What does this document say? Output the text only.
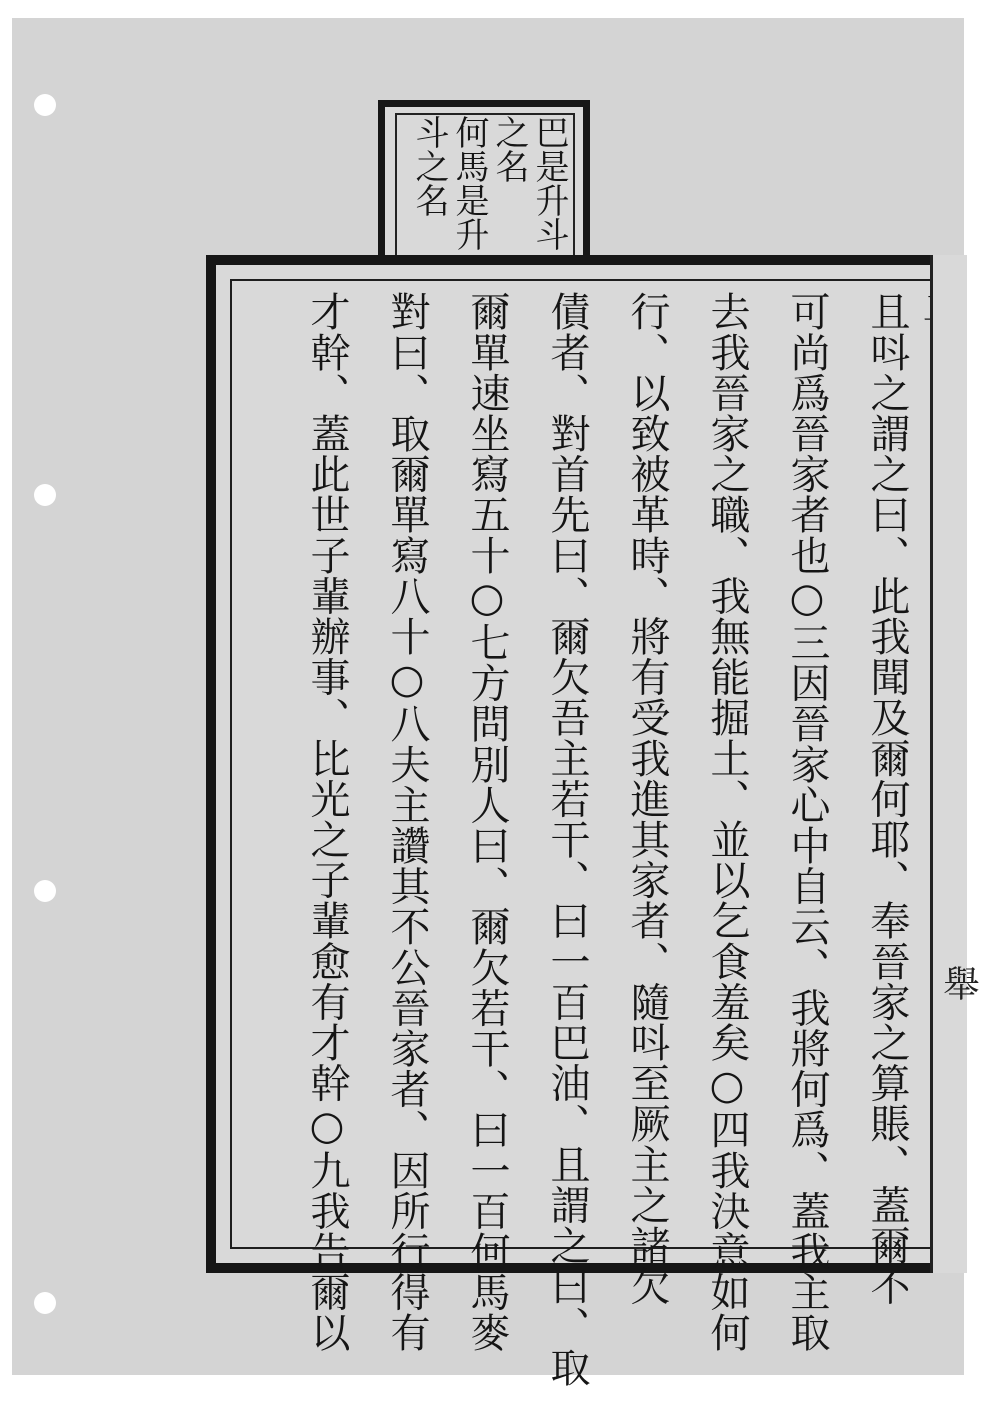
巴是升斗
之名
何馬是升
斗之名
且呌之謂之曰、此我聞及爾何耶、奉晉家之算賬、蓋爾不
可尚爲晉家者也○三因晉家心中自云、我將何爲、蓋我主取
去我晉家之職、我無能掘土、並以乞食羞矣○四我決意如何
行、以致被革時、將有受我進其家者、隨呌至厥主之諸欠
債者、對首先曰、爾欠吾主若干、曰一百巴油、且謂之曰、取
爾單速坐寫五十○七方問別人曰、爾欠若干、曰一百何馬麥
對曰、取爾單寫八十○八夫主讚其不公晉家者、因所行得有
才幹、蓋此世子輩辦事、比光之子輩愈有才幹○九我告爾以	舉
